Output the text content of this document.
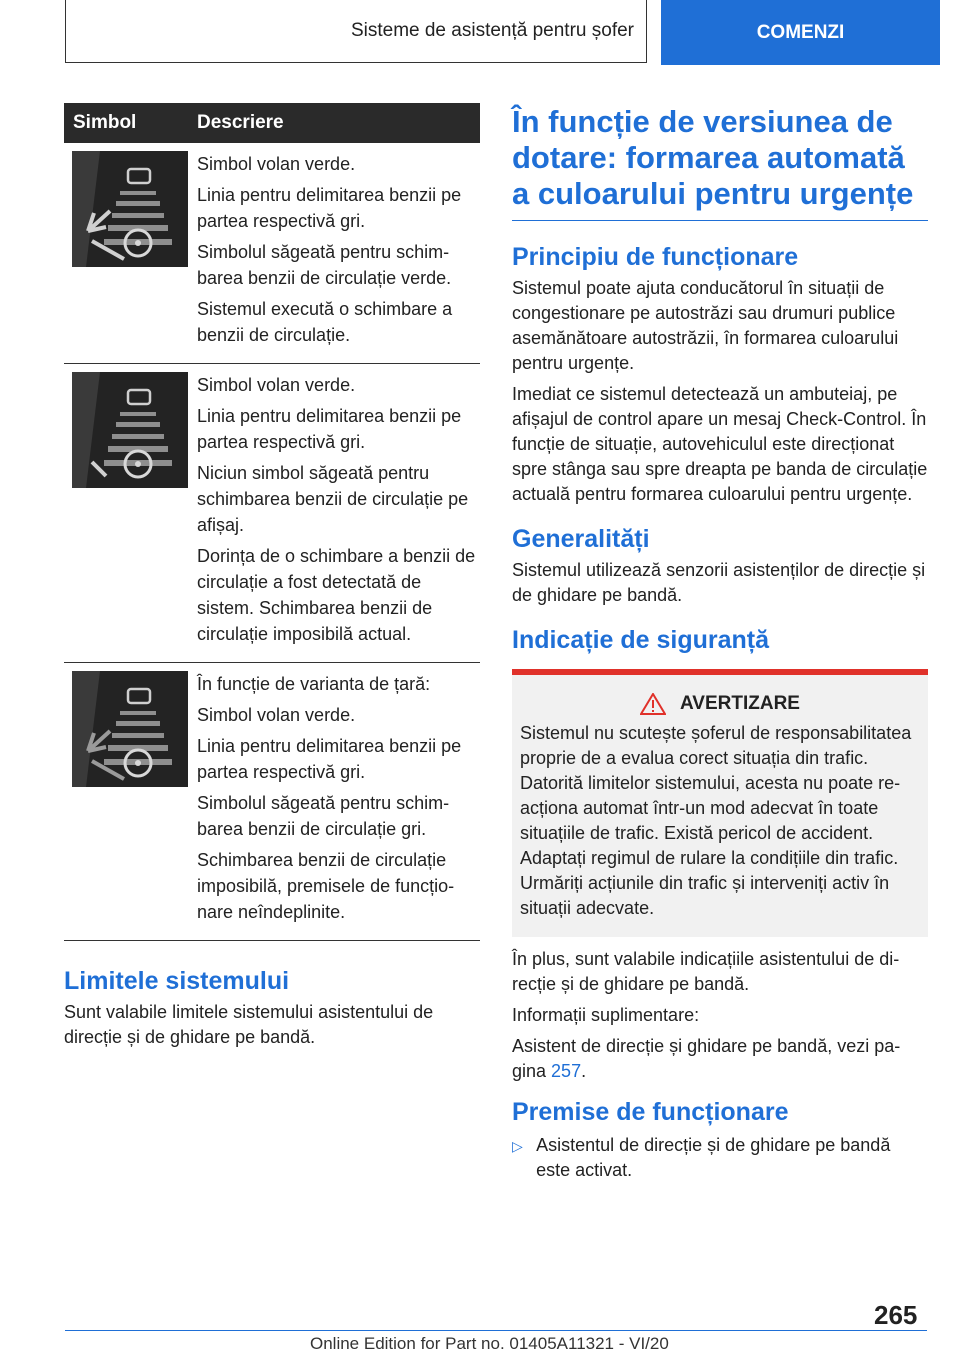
Sisteme de asistență pentru șofer	COMENZI
Simbol	Descriere

Simbol volan verde.

Linia pentru delimitarea benzii pe partea respectivă gri.

Simbolul săgeată pentru schimbarea benzii de circulație verde.

Sistemul execută o schimbare a benzii de circulație.

Simbol volan verde.

Linia pentru delimitarea benzii pe partea respectivă gri.

Niciun simbol săgeată pentru schimbarea benzii de circulație pe afișaj.

Dorința de o schimbare a benzii de circulație a fost detectată de sistem. Schimbarea benzii de circulație imposibilă actual.

În funcție de varianta de țară:

Simbol volan verde.

Linia pentru delimitarea benzii pe partea respectivă gri.

Simbolul săgeată pentru schimbarea benzii de circulație gri.

Schimbarea benzii de circulație imposibilă, premisele de funcționare neîndeplinite.

Limitele sistemului

Sunt valabile limitele sistemului asistentului de direcție și de ghidare pe bandă.

În funcție de versiunea de dotare: formarea automată a culoarului pentru urgențe
Principiu de funcționare

Sistemul poate ajuta conducătorul în situații de congestionare pe autostrăzi sau drumuri publice asemănătoare autostrăzii, în formarea culoarului pentru urgențe.

Imediat ce sistemul detectează un ambuteiaj, pe afișajul de control apare un mesaj Check-Control. În funcție de situație, autovehiculul este direcționat spre stânga sau spre dreapta pe banda de circulație actuală pentru formarea culoarului pentru urgențe.

Generalități

Sistemul utilizează senzorii asistenților de direcție și de ghidare pe bandă.

Indicație de siguranță
AVERTIZARE
Sistemul nu scutește șoferul de responsabilitatea proprie de a evalua corect situația din trafic. Datorită limitelor sistemului, acesta nu poate reacționa automat într-un mod adecvat în toate situațiile de trafic. Există pericol de accident. Adaptați regimul de rulare la condițiile din trafic. Urmăriți acțiunile din trafic și interveniți activ în situații adecvate.

În plus, sunt valabile indicațiile asistentului de direcție și de ghidare pe bandă.

Informații suplimentare:

Asistent de direcție și ghidare pe bandă, vezi pagina 257.

Premise de funcționare
▷ Asistentul de direcție și de ghidare pe bandă este activat.
265
Online Edition for Part no. 01405A11321 - VI/20
